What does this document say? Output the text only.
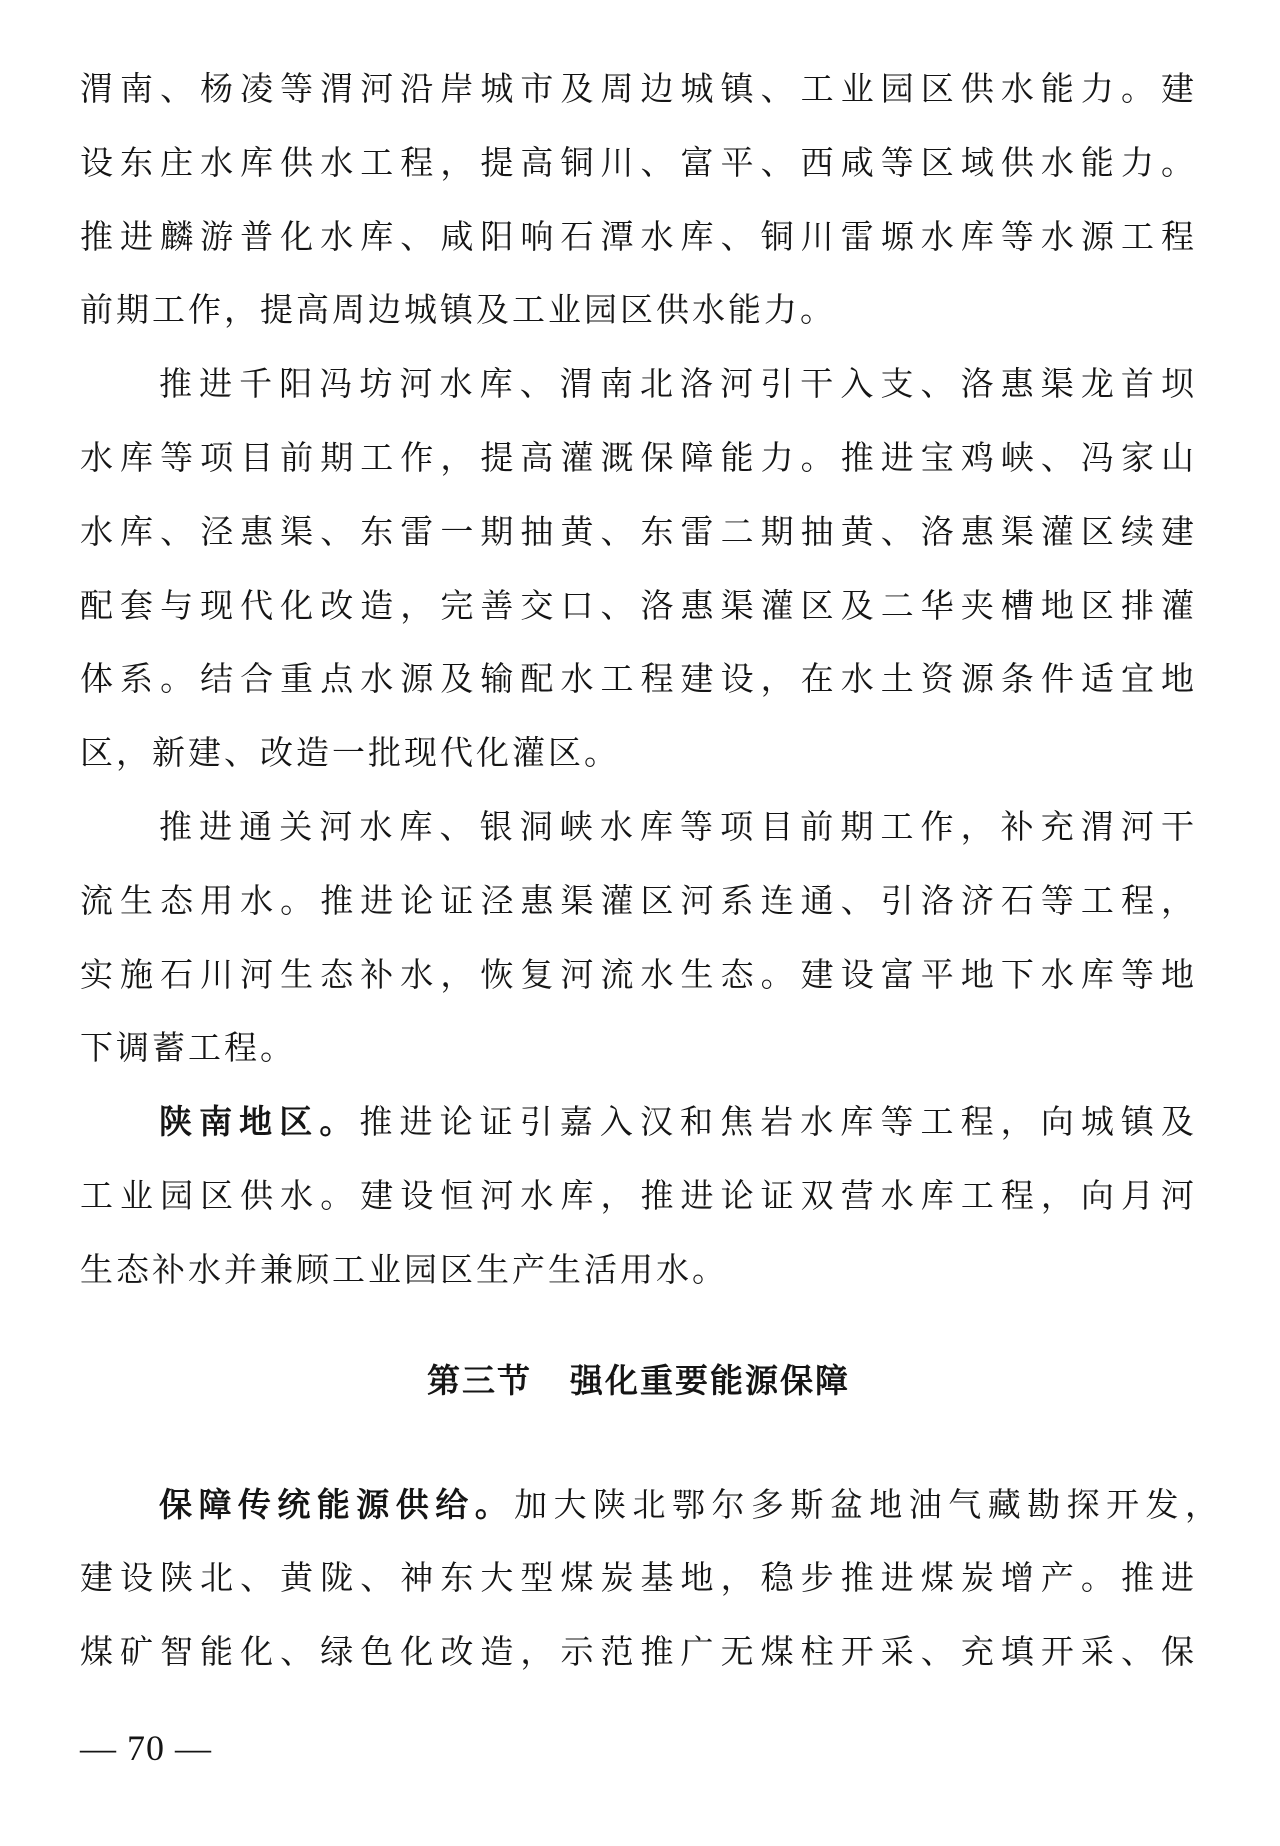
渭南、杨凌等渭河沿岸城市及周边城镇、工业园区供水能力。建
设东庄水库供水工程，提高铜川、富平、西咸等区域供水能力。
推进麟游普化水库、咸阳响石潭水库、铜川雷塬水库等水源工程
前期工作，提高周边城镇及工业园区供水能力。
推进千阳冯坊河水库、渭南北洛河引干入支、洛惠渠龙首坝
水库等项目前期工作，提高灌溉保障能力。推进宝鸡峡、冯家山
水库、泾惠渠、东雷一期抽黄、东雷二期抽黄、洛惠渠灌区续建
配套与现代化改造，完善交口、洛惠渠灌区及二华夹槽地区排灌
体系。结合重点水源及输配水工程建设，在水土资源条件适宜地
区，新建、改造一批现代化灌区。
推进通关河水库、银洞峡水库等项目前期工作，补充渭河干
流生态用水。推进论证泾惠渠灌区河系连通、引洛济石等工程，
实施石川河生态补水，恢复河流水生态。建设富平地下水库等地
下调蓄工程。
陕南地区。推进论证引嘉入汉和焦岩水库等工程，向城镇及
工业园区供水。建设恒河水库，推进论证双营水库工程，向月河
生态补水并兼顾工业园区生产生活用水。
第三节 强化重要能源保障
保障传统能源供给。加大陕北鄂尔多斯盆地油气藏勘探开发，
建设陕北、黄陇、神东大型煤炭基地，稳步推进煤炭增产。推进
煤矿智能化、绿色化改造，示范推广无煤柱开采、充填开采、保
— 70 —
